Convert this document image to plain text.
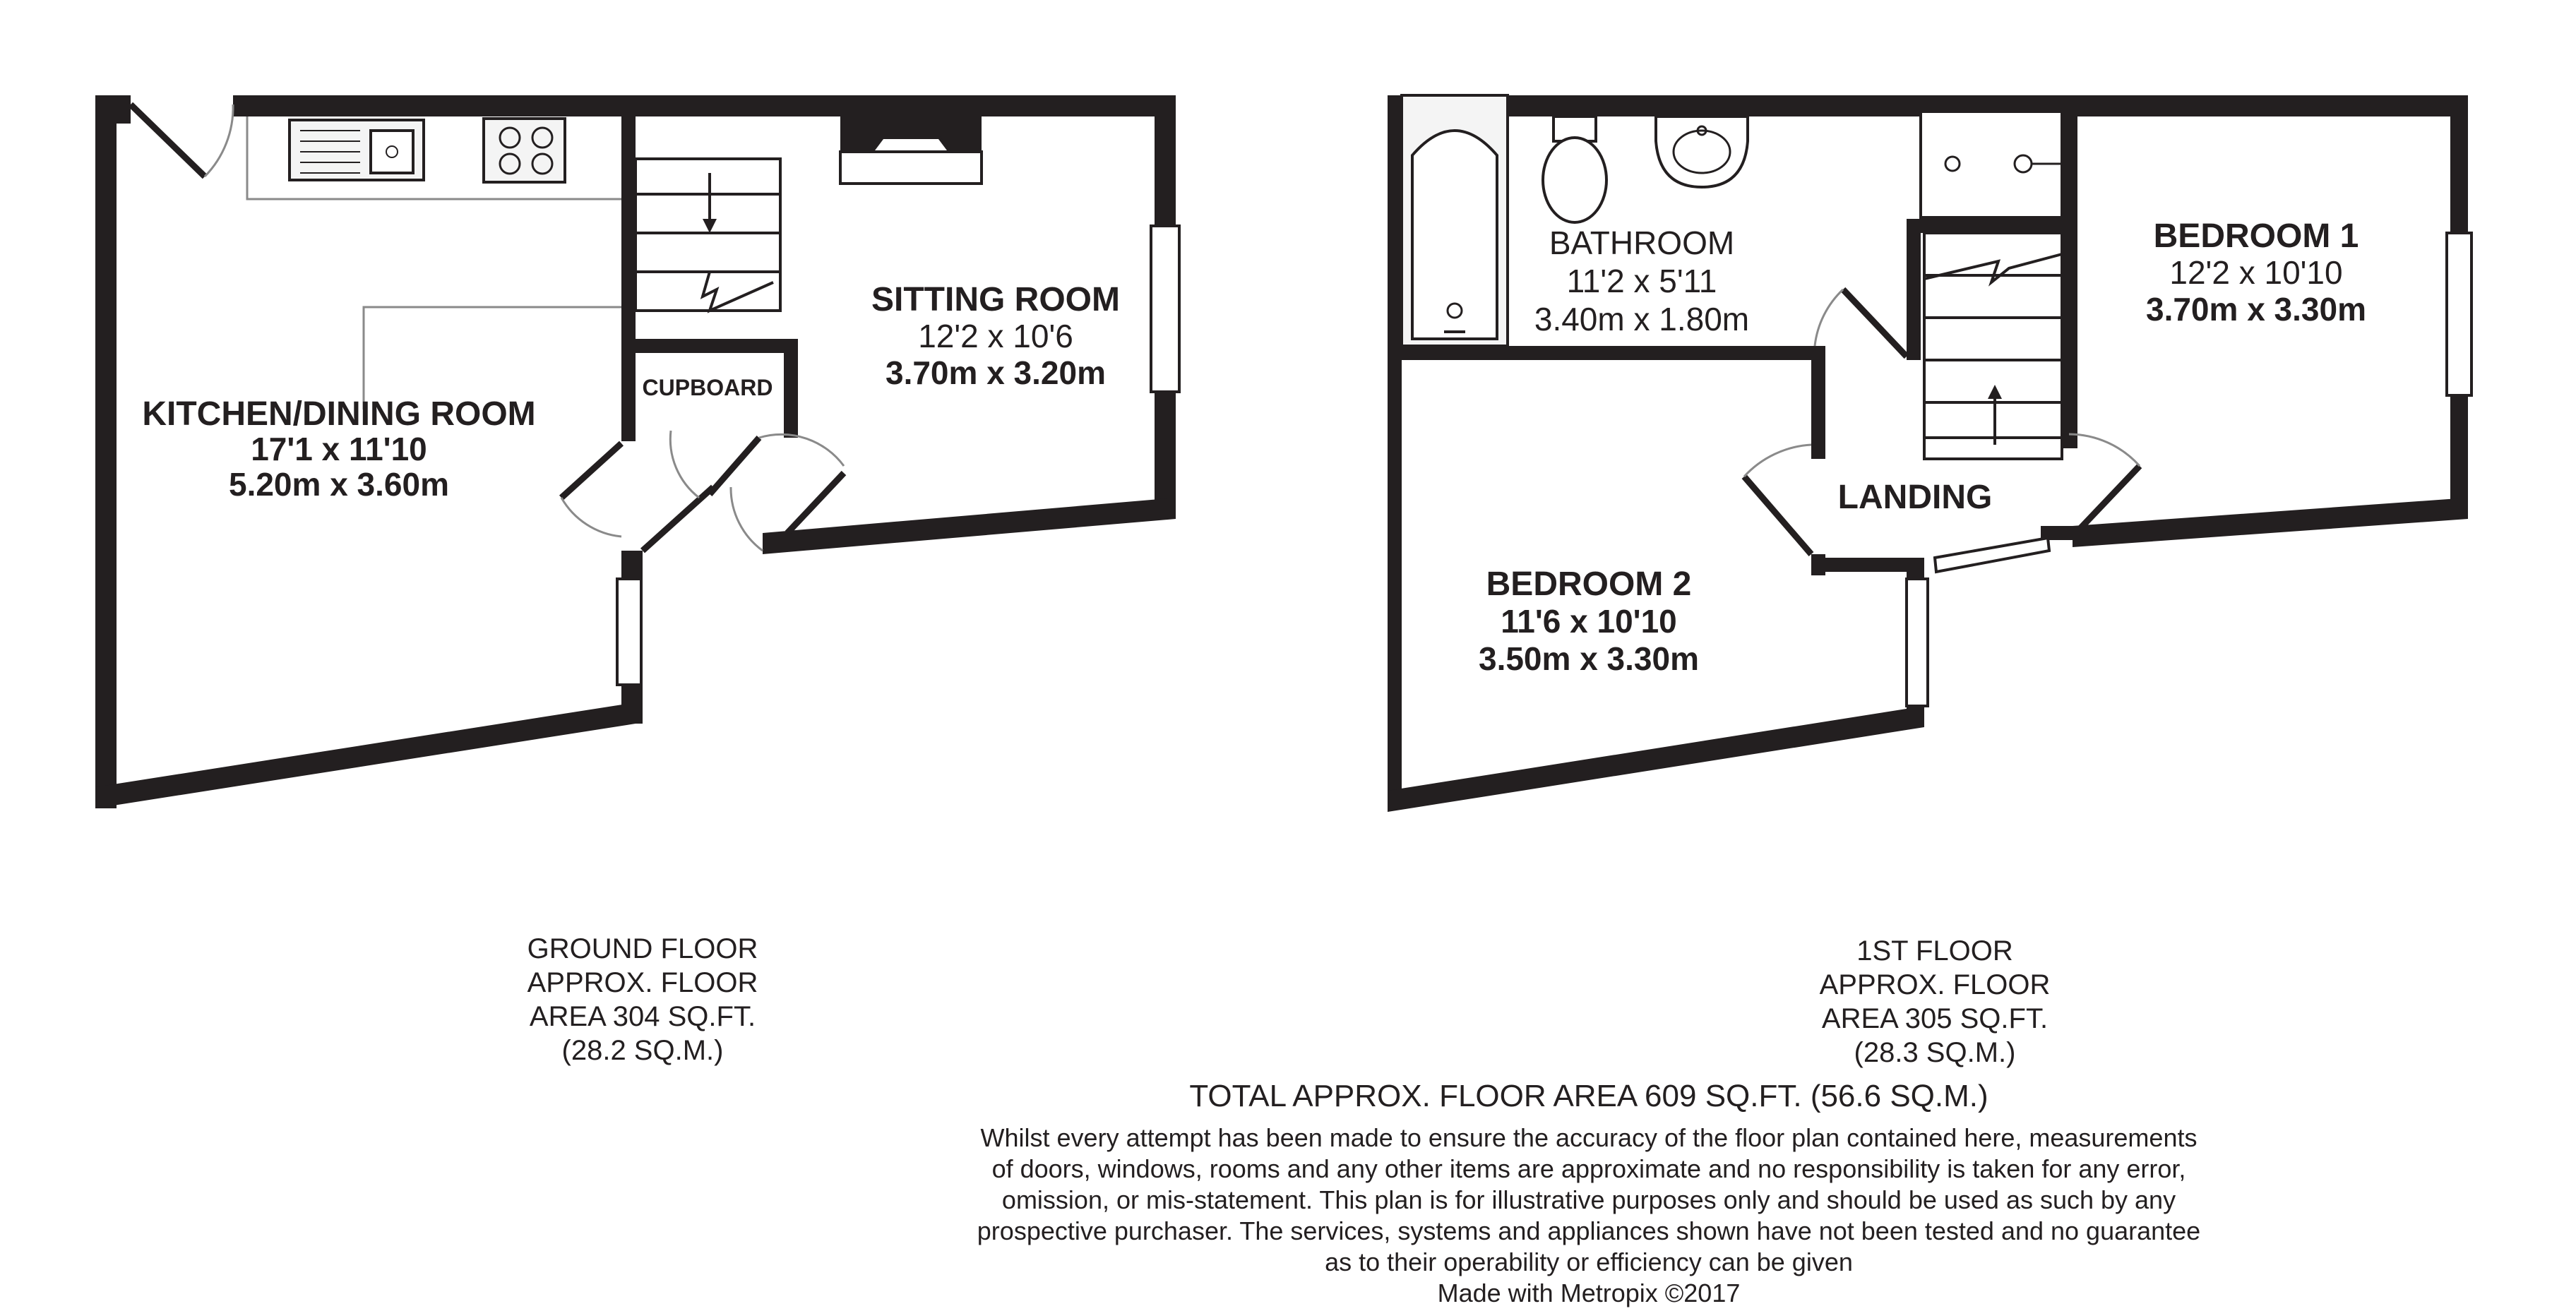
KITCHEN/DINING ROOM
17'1 x 11'10
5.20m x 3.60m
SITTING ROOM
12'2 x 10'6
3.70m x 3.20m
CUPBOARD
BATHROOM
11'2 x 5'11
3.40m x 1.80m
BEDROOM 1
12'2 x 10'10
3.70m x 3.30m
BEDROOM 2
11'6 x 10'10
3.50m x 3.30m
LANDING
GROUND FLOOR
APPROX. FLOOR
AREA 304 SQ.FT.
(28.2 SQ.M.)
1ST FLOOR
APPROX. FLOOR
AREA 305 SQ.FT.
(28.3 SQ.M.)
TOTAL APPROX. FLOOR AREA 609 SQ.FT. (56.6 SQ.M.)
Whilst every attempt has been made to ensure the accuracy of the floor plan contained here, measurements
of doors, windows, rooms and any other items are approximate and no responsibility is taken for any error,
omission, or mis-statement. This plan is for illustrative purposes only and should be used as such by any
prospective purchaser. The services, systems and appliances shown have not been tested and no guarantee
as to their operability or efficiency can be given
Made with Metropix ©2017
